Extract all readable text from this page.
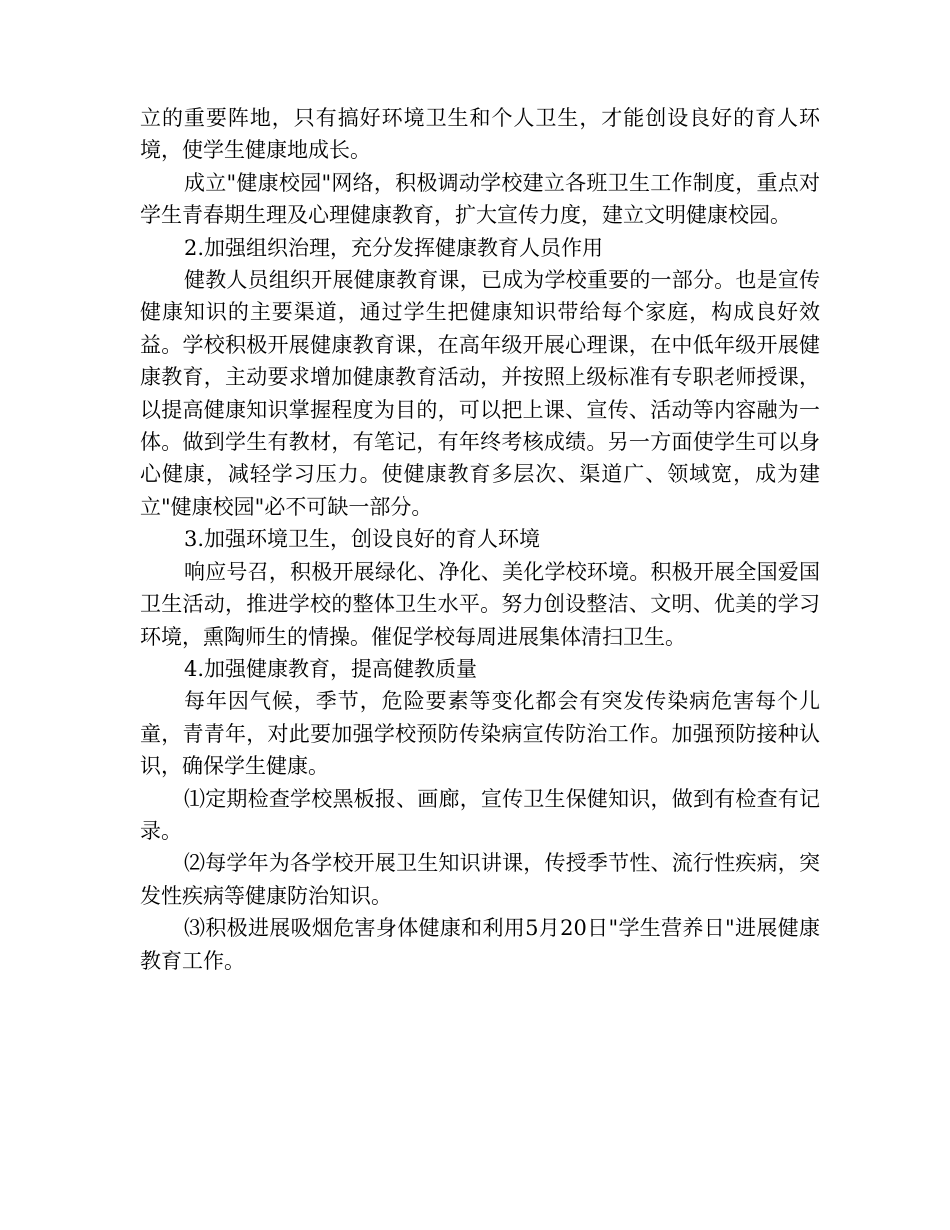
立的重要阵地，只有搞好环境卫生和个人卫生，才能创设良好的育人环境，使学生健康地成长。

成立"健康校园"网络，积极调动学校建立各班卫生工作制度，重点对学生青春期生理及心理健康教育，扩大宣传力度，建立文明健康校园。

2.加强组织治理，充分发挥健康教育人员作用

健教人员组织开展健康教育课，已成为学校重要的一部分。也是宣传健康知识的主要渠道，通过学生把健康知识带给每个家庭，构成良好效益。学校积极开展健康教育课，在高年级开展心理课，在中低年级开展健康教育，主动要求增加健康教育活动，并按照上级标准有专职老师授课，以提高健康知识掌握程度为目的，可以把上课、宣传、活动等内容融为一体。做到学生有教材，有笔记，有年终考核成绩。另一方面使学生可以身心健康，减轻学习压力。使健康教育多层次、渠道广、领域宽，成为建立"健康校园"必不可缺一部分。

3.加强环境卫生，创设良好的育人环境

响应号召，积极开展绿化、净化、美化学校环境。积极开展全国爱国卫生活动，推进学校的整体卫生水平。努力创设整洁、文明、优美的学习环境，熏陶师生的情操。催促学校每周进展集体清扫卫生。

4.加强健康教育，提高健教质量

每年因气候，季节，危险要素等变化都会有突发传染病危害每个儿童，青青年，对此要加强学校预防传染病宣传防治工作。加强预防接种认识，确保学生健康。

⑴定期检查学校黑板报、画廊，宣传卫生保健知识，做到有检查有记录。

⑵每学年为各学校开展卫生知识讲课，传授季节性、流行性疾病，突发性疾病等健康防治知识。

⑶积极进展吸烟危害身体健康和利用5月20日"学生营养日"进展健康教育工作。
